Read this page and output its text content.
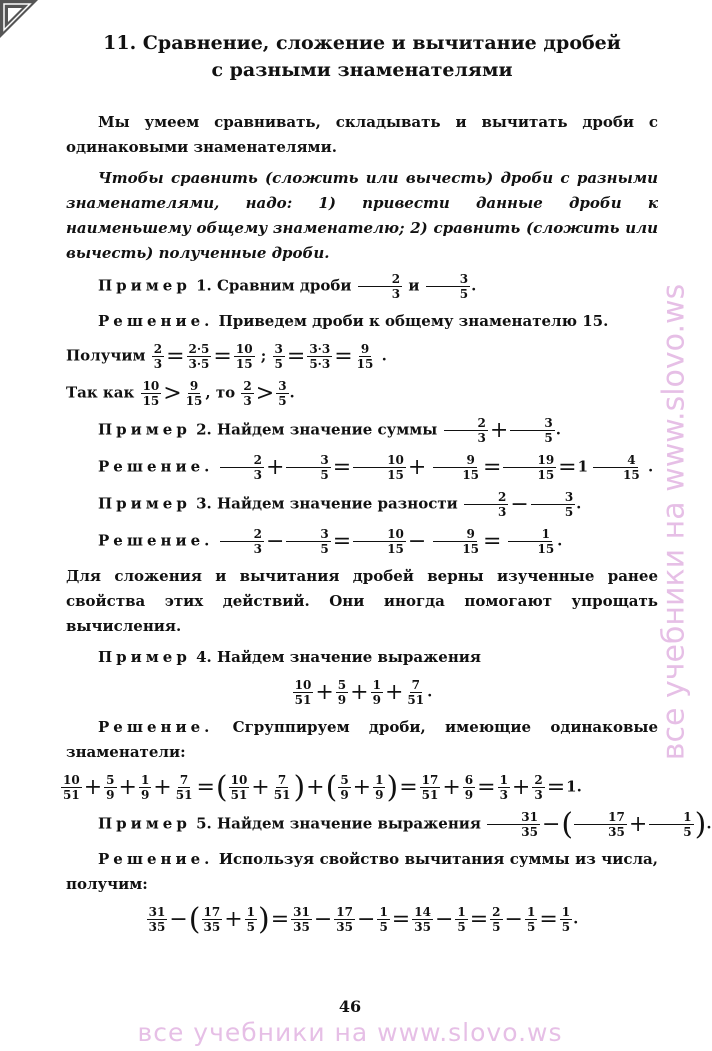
11. Сравнение, сложение и вычитание дробей
с разными знаменателями

Мы умеем сравнивать, складывать и вычитать дроби с одинаковыми знаменателями.

Чтобы сравнить (сложить или вычесть) дроби с разными знаменателями, надо: 1) привести данные дроби к наименьшему общему знаменателю; 2) сравнить (сложить или вычесть) полученные дроби.

Пример 1. Сравним дроби $\frac{2}{3}$ и $\frac{3}{5}$ .

Решение. Приведем дроби к общему знаменателю 15.

Получим $\frac{2}{3} = \frac{2\cdot 5}{3\cdot 5} = \frac{10}{15}$ ; $\frac{3}{5} = \frac{3\cdot 3}{5\cdot 3} = \frac{9}{15}$ .

Так как $\frac{10}{15} > \frac{9}{15}$ , то $\frac{2}{3} > \frac{3}{5}$ .

Пример 2. Найдем значение суммы $\frac{2}{3} + \frac{3}{5}$ .

Решение. $\frac{2}{3} + \frac{3}{5} = \frac{10}{15} + \frac{9}{15} = \frac{19}{15} =1 \frac{4}{15}$ .

Пример 3. Найдем значение разности $\frac{2}{3} - \frac{3}{5}$ .

Решение. $\frac{2}{3} - \frac{3}{5} = \frac{10}{15} - \frac{9}{15} = \frac{1}{15}$ .

Для сложения и вычитания дробей верны изученные ранее свойства этих действий. Они иногда помогают упрощать вычисления.

Пример 4. Найдем значение выражения

$\frac{10}{51} + \frac{5}{9} + \frac{1}{9} + \frac{7}{51}$ .

Решение. Сгруппируем дроби, имеющие одинаковые знаменатели:

$\frac{10}{51} + \frac{5}{9} + \frac{1}{9} + \frac{7}{51}$ =( $\frac{10}{51} + \frac{7}{51}$ )+( $\frac{5}{9} + \frac{1}{9}$ )= $\frac{17}{51} + \frac{6}{9} = \frac{1}{3} + \frac{2}{3} =1$.

Пример 5. Найдем значение выражения $\frac{31}{35}$ −( $\frac{17}{35} + \frac{1}{5}$ ).

Решение. Используя свойство вычитания суммы из числа, получим:

$\frac{31}{35}$ −( $\frac{17}{35} + \frac{1}{5}$ )= $\frac{31}{35} - \frac{17}{35} - \frac{1}{5} = \frac{14}{35} - \frac{1}{5} = \frac{2}{5} - \frac{1}{5} = \frac{1}{5}$ .

46
все учебники на www.slovo.ws
все учебники на www.slovo.ws
